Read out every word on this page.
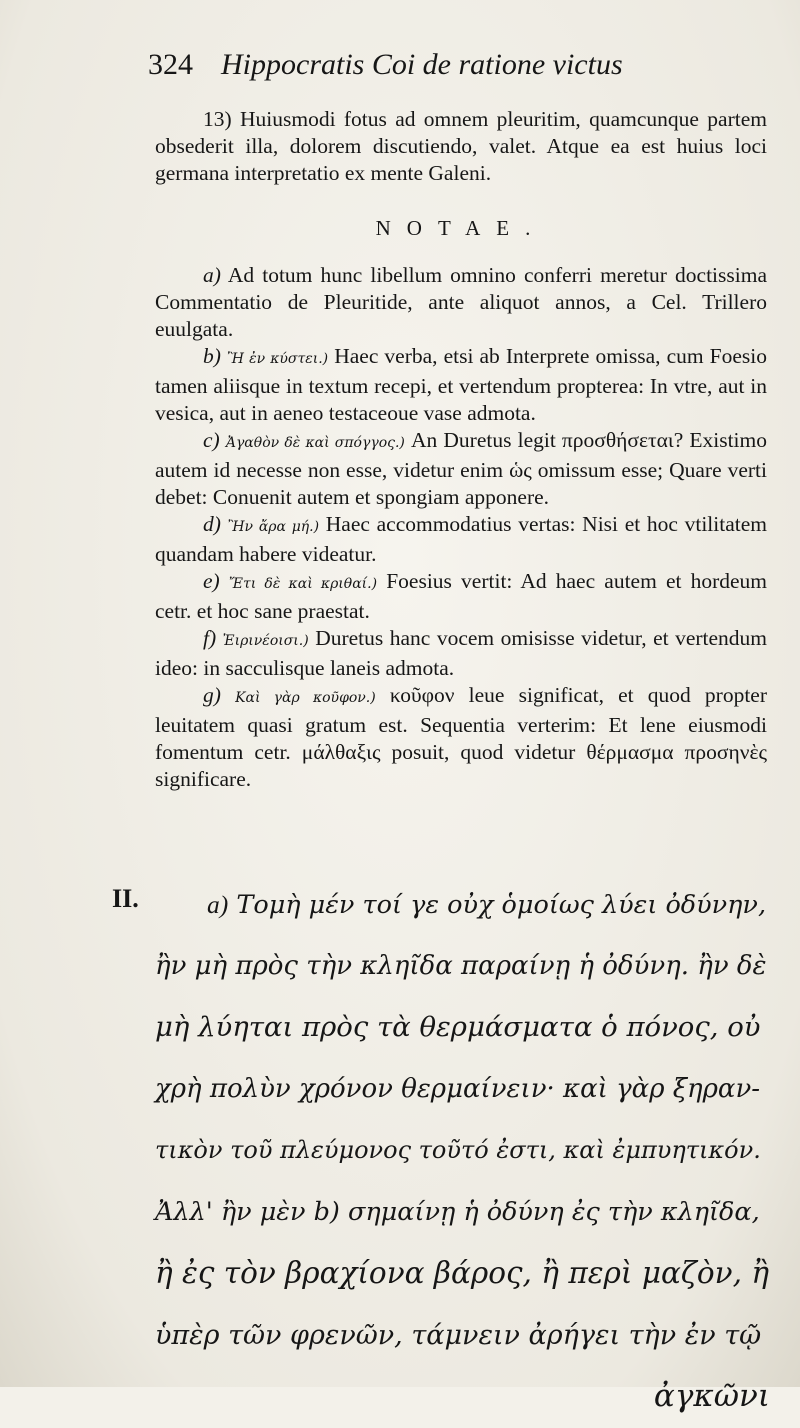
324 Hippocratis Coi de ratione victus

13) Huiusmodi fotus ad omnem pleuritim, quamcunque partem obsederit illa, dolorem discutiendo, valet. Atque ea est huius loci germana interpretatio ex mente Galeni.

NOTAE.

a) Ad totum hunc libellum omnino conferri meretur doctissima Commentatio de Pleuritide, ante aliquot annos, a Cel. Trillero euulgata.

b) Ἢ ἐν κύστει.) Haec verba, etsi ab Interprete omissa, cum Foesio tamen aliisque in textum recepi, et vertendum propterea: In vtre, aut in vesica, aut in aeneo testaceoue vase admota.

c) Ἀγαθὸν δὲ καὶ σπόγγος.) An Duretus legit προσθήσεται? Existimo autem id necesse non esse, videtur enim ὡς omissum esse; Quare verti debet: Conuenit autem et spongiam apponere.

d) Ἢν ἄρα μή.) Haec accommodatius vertas: Nisi et hoc vtilitatem quandam habere videatur.

e) Ἔτι δὲ καὶ κριθαί.) Foesius vertit: Ad haec autem et hordeum cetr. et hoc sane praestat.

f) Ἐιρινέοισι.) Duretus hanc vocem omisisse videtur, et vertendum ideo: in sacculisque laneis admota.

g) Καὶ γὰρ κοῦφον.) κοῦφον leue significat, et quod propter leuitatem quasi gratum est. Sequentia verterim: Et lene eiusmodi fomentum cetr. μάλθαξις posuit, quod videtur θέρμασμα προσηνὲς significare.

II.	a) Τομὴ μέν τοί γε οὐχ ὁμοίως λύει ὀδύνην,
ἢν μὴ πρὸς τὴν κληῖδα παραίνῃ ἡ ὀδύνη. ἢν δὲ
μὴ λύηται πρὸς τὰ θερμάσματα ὁ πόνος, οὐ
χρὴ πολὺν χρόνον θερμαίνειν· καὶ γὰρ ξηραν-
τικὸν τοῦ πλεύμονος τοῦτό ἐστι, καὶ ἐμπυητικόν.
Ἀλλ' ἢν μὲν b) σημαίνῃ ἡ ὀδύνη ἐς τὴν κληῖδα,
ἢ ἐς τὸν βραχίονα βάρος, ἢ περὶ μαζὸν, ἢ
ὑπὲρ τῶν φρενῶν, τάμνειν ἀρήγει τὴν ἐν τῷ
ἀγκῶνι
